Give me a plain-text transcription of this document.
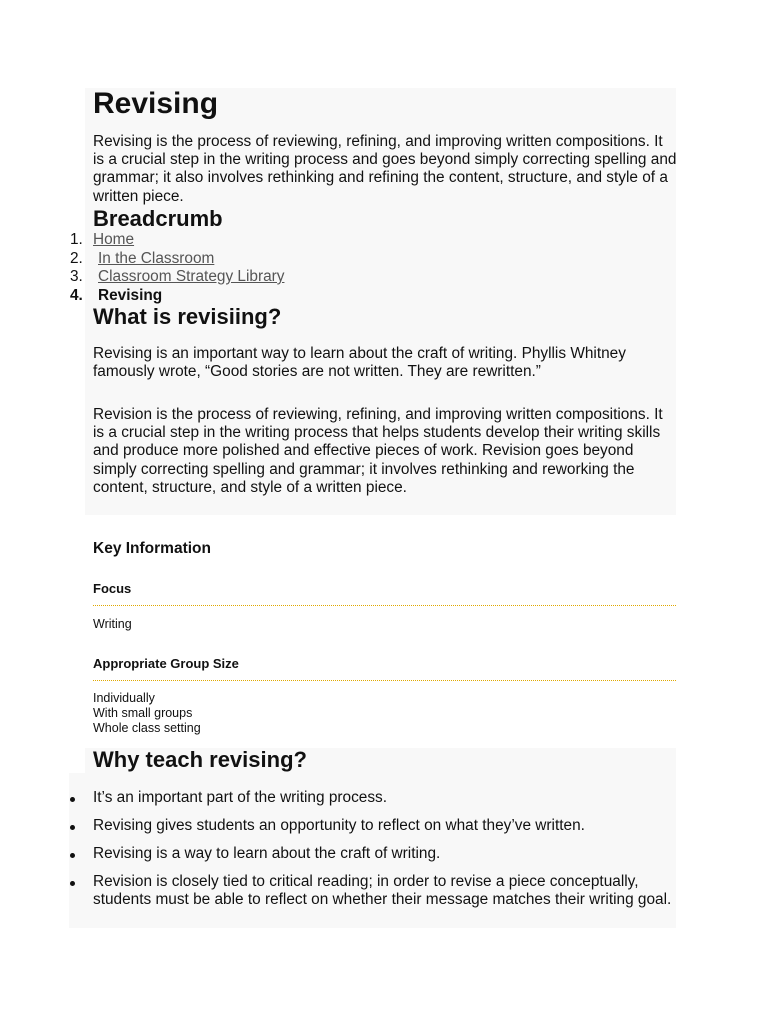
Revising

Revising is the process of reviewing, refining, and improving written compositions. It is a crucial step in the writing process and goes beyond simply correcting spelling and grammar; it also involves rethinking and refining the content, structure, and style of a written piece.

Breadcrumb
1. Home
2. In the Classroom
3. Classroom Strategy Library
4. Revising
What is revisiing?

Revising is an important way to learn about the craft of writing. Phyllis Whitney famously wrote, “Good stories are not written. They are rewritten.”

Revision is the process of reviewing, refining, and improving written compositions. It is a crucial step in the writing process that helps students develop their writing skills and produce more polished and effective pieces of work. Revision goes beyond simply correcting spelling and grammar; it involves rethinking and reworking the content, structure, and style of a written piece.

Key Information
Focus
Writing
Appropriate Group Size
Individually
With small groups
Whole class setting
Why teach revising?
It’s an important part of the writing process.
Revising gives students an opportunity to reflect on what they’ve written.
Revising is a way to learn about the craft of writing.
Revision is closely tied to critical reading; in order to revise a piece conceptually, students must be able to reflect on whether their message matches their writing goal.
